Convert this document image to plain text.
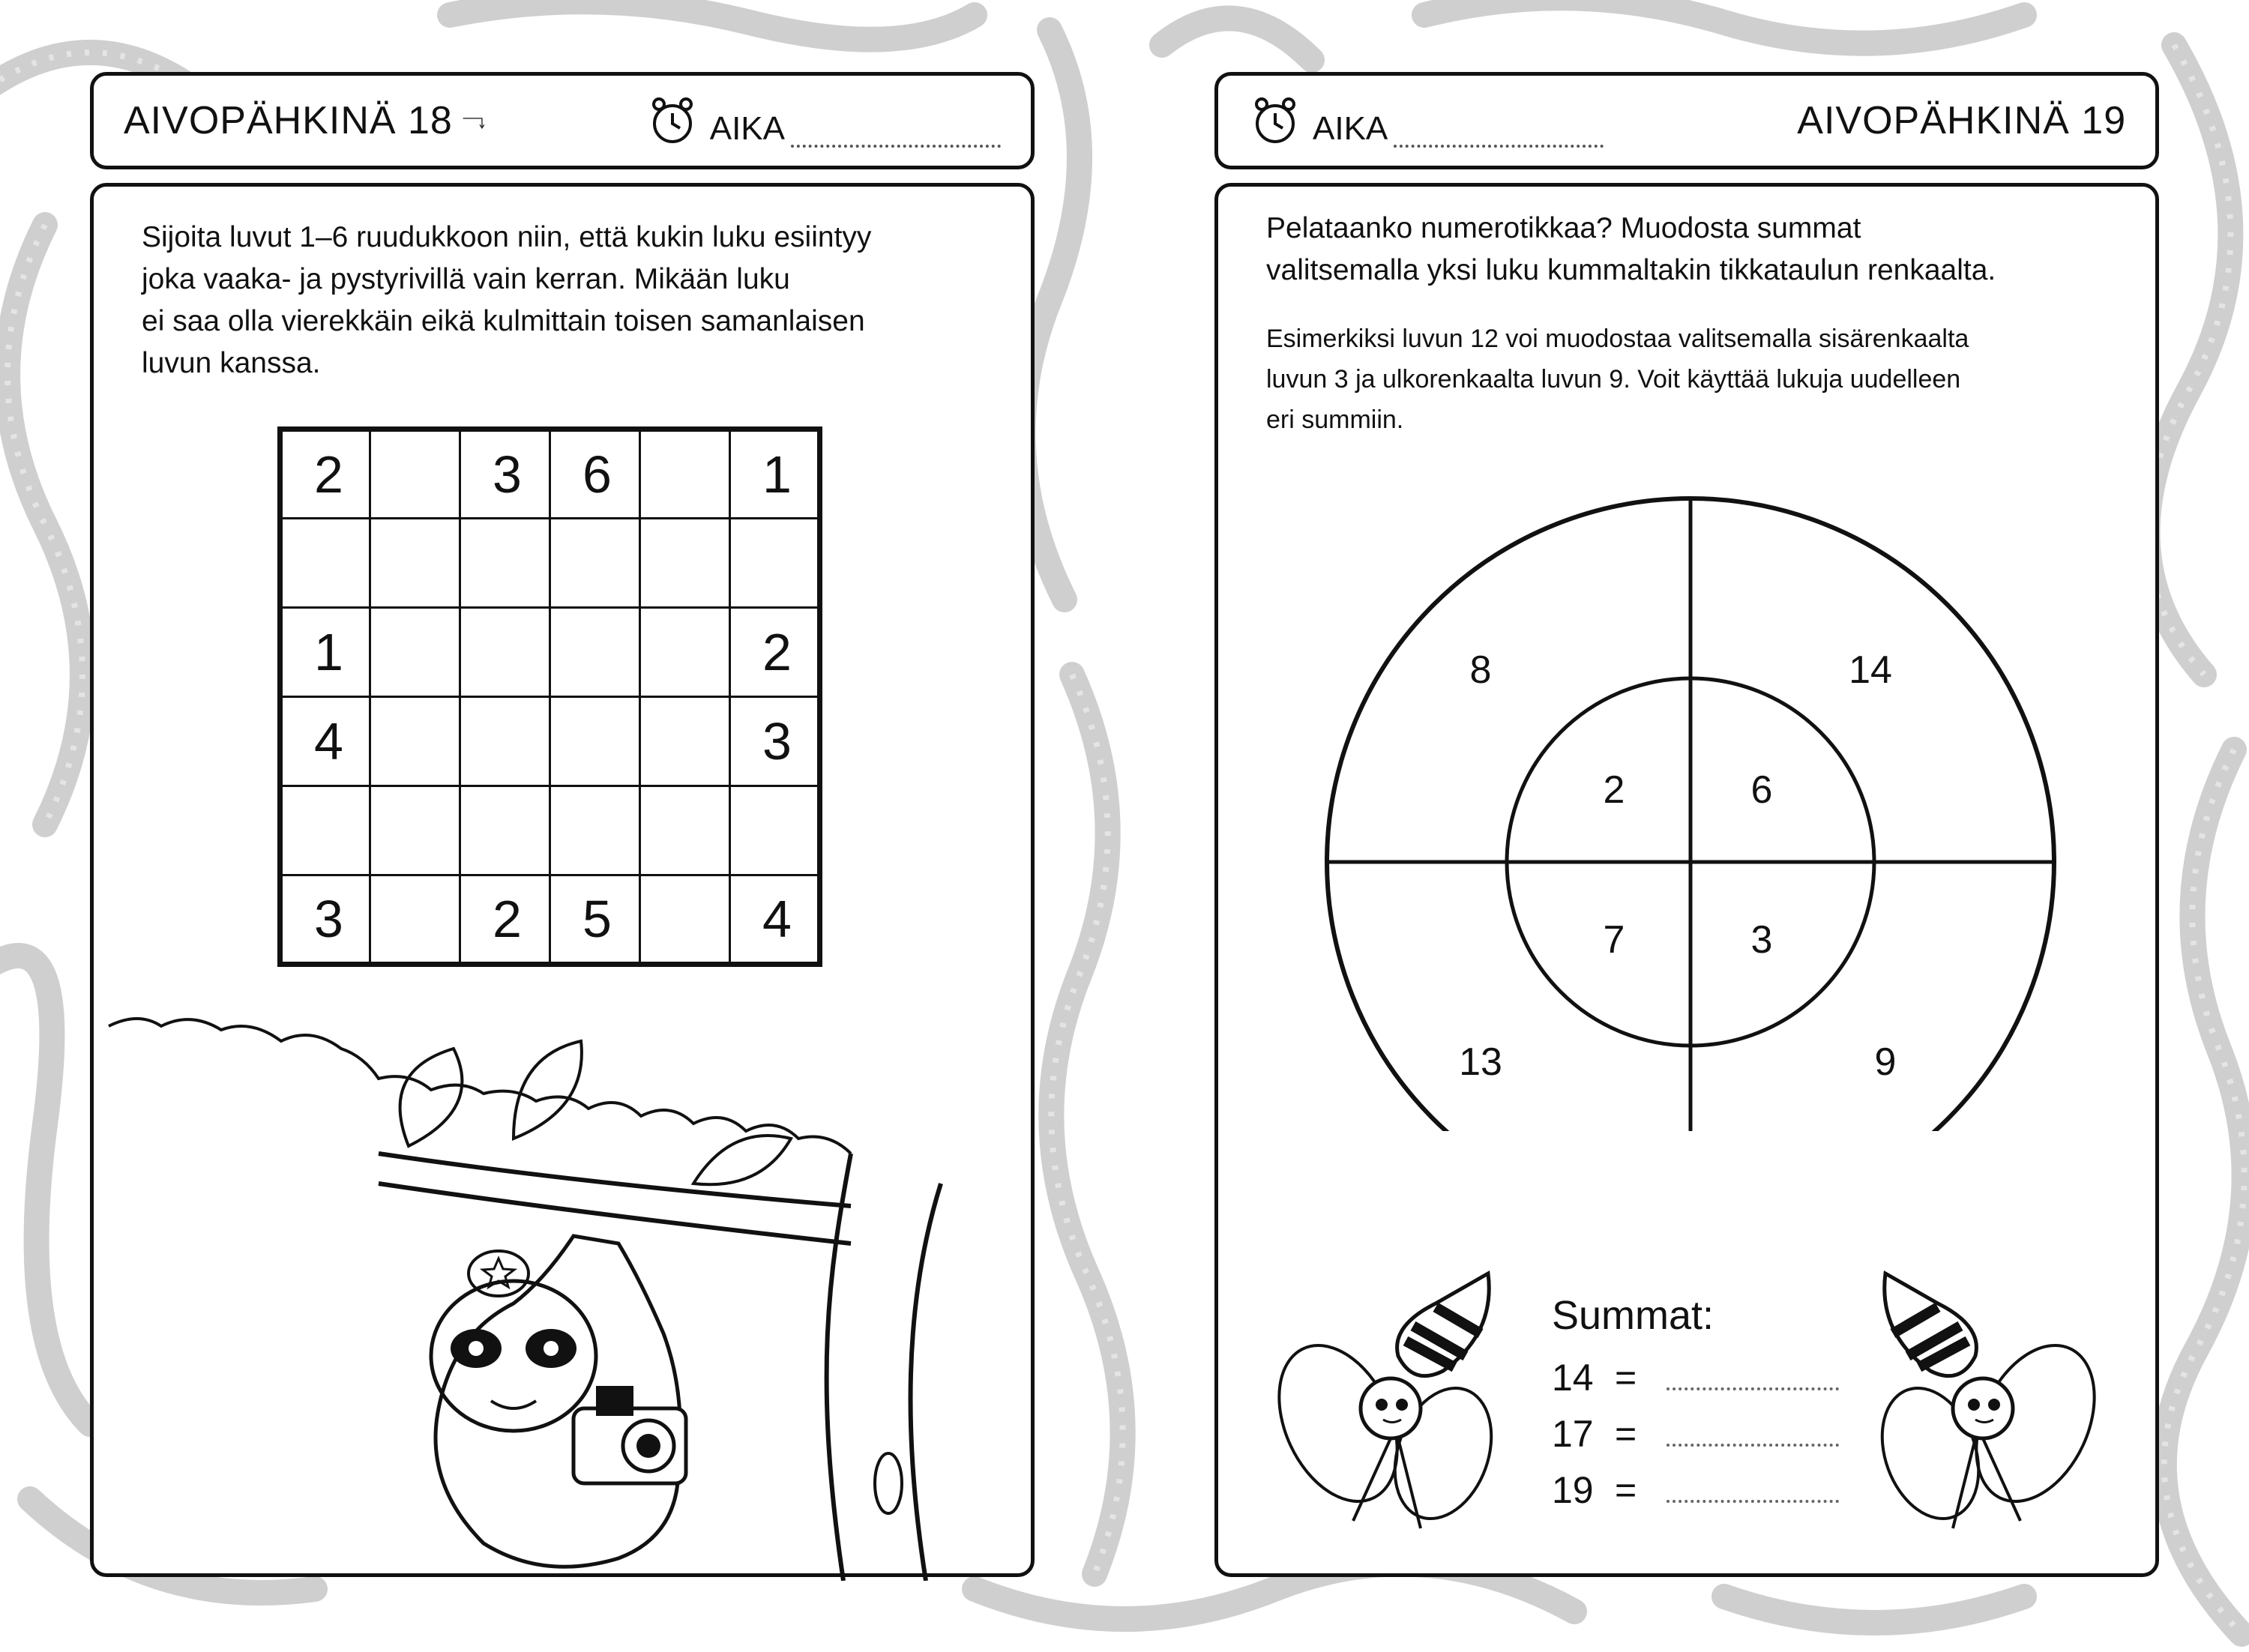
AIVOPÄHKINÄ 18	AIKA
Sijoita luvut 1–6 ruudukkoon niin, että kukin luku esiintyy
joka vaaka- ja pystyrivillä vain kerran. Mikään luku
ei saa olla vierekkäin eikä kulmittain toisen samanlaisen
luvun kanssa.
2		3	6		1

1					2
4					3

3		2	5		4
AIKA	AIVOPÄHKINÄ 19
Pelataanko numerotikkaa? Muodosta summat
valitsemalla yksi luku kummaltakin tikkataulun renkaalta.
Esimerkiksi luvun 12 voi muodostaa valitsemalla sisärenkaalta
luvun 3 ja ulkorenkaalta luvun 9. Voit käyttää lukuja uudelleen
eri summiin.
8	14
13	9
2	6
7	3
Summat:
14 =
17 =
19 =
